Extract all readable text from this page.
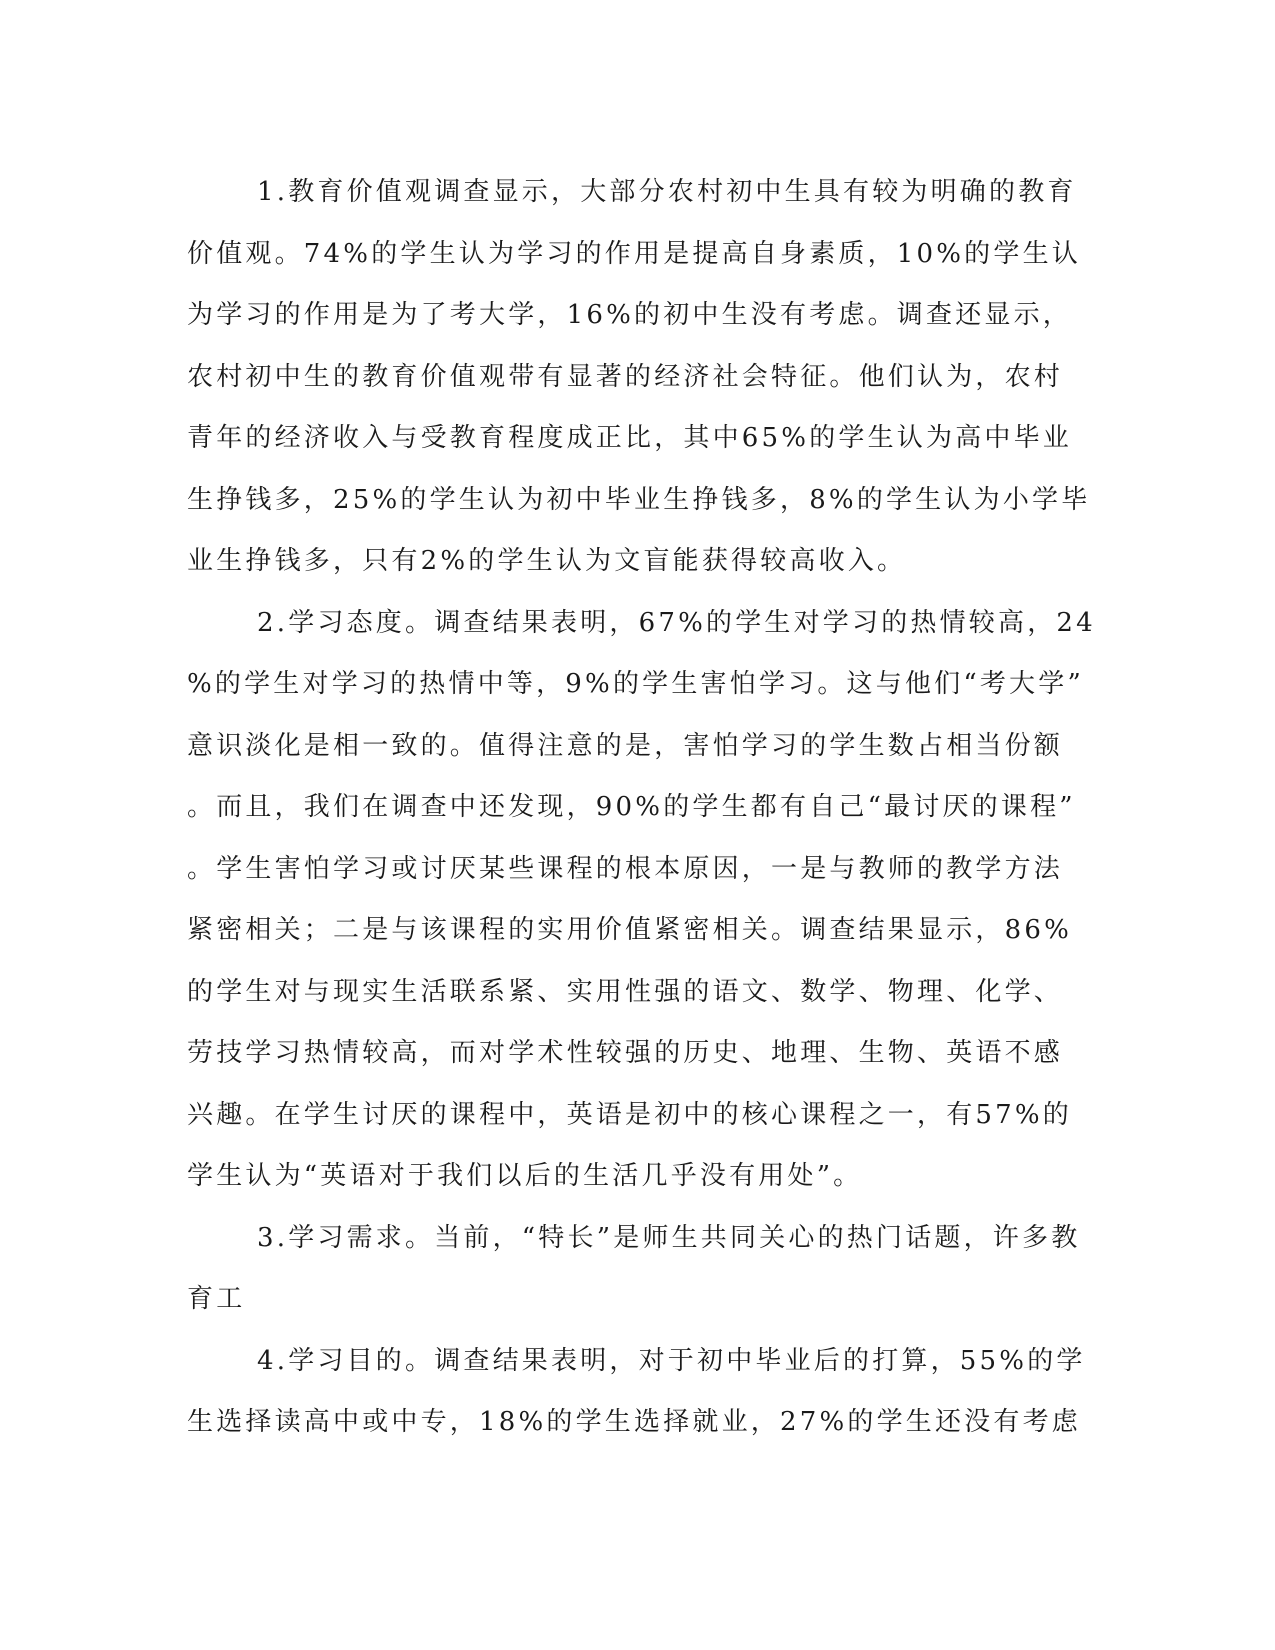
1.教育价值观调查显示，大部分农村初中生具有较为明确的教育
价值观。74%的学生认为学习的作用是提高自身素质，10%的学生认
为学习的作用是为了考大学，16%的初中生没有考虑。调查还显示，
农村初中生的教育价值观带有显著的经济社会特征。他们认为，农村
青年的经济收入与受教育程度成正比，其中65%的学生认为高中毕业
生挣钱多，25%的学生认为初中毕业生挣钱多，8%的学生认为小学毕
业生挣钱多，只有2%的学生认为文盲能获得较高收入。
2.学习态度。调查结果表明，67%的学生对学习的热情较高，24
%的学生对学习的热情中等，9%的学生害怕学习。这与他们“考大学”
意识淡化是相一致的。值得注意的是，害怕学习的学生数占相当份额
。而且，我们在调查中还发现，90%的学生都有自己“最讨厌的课程”
。学生害怕学习或讨厌某些课程的根本原因，一是与教师的教学方法
紧密相关；二是与该课程的实用价值紧密相关。调查结果显示，86%
的学生对与现实生活联系紧、实用性强的语文、数学、物理、化学、
劳技学习热情较高，而对学术性较强的历史、地理、生物、英语不感
兴趣。在学生讨厌的课程中，英语是初中的核心课程之一，有57%的
学生认为“英语对于我们以后的生活几乎没有用处”。
3.学习需求。当前，“特长”是师生共同关心的热门话题，许多教
育工
4.学习目的。调查结果表明，对于初中毕业后的打算，55%的学
生选择读高中或中专，18%的学生选择就业，27%的学生还没有考虑
